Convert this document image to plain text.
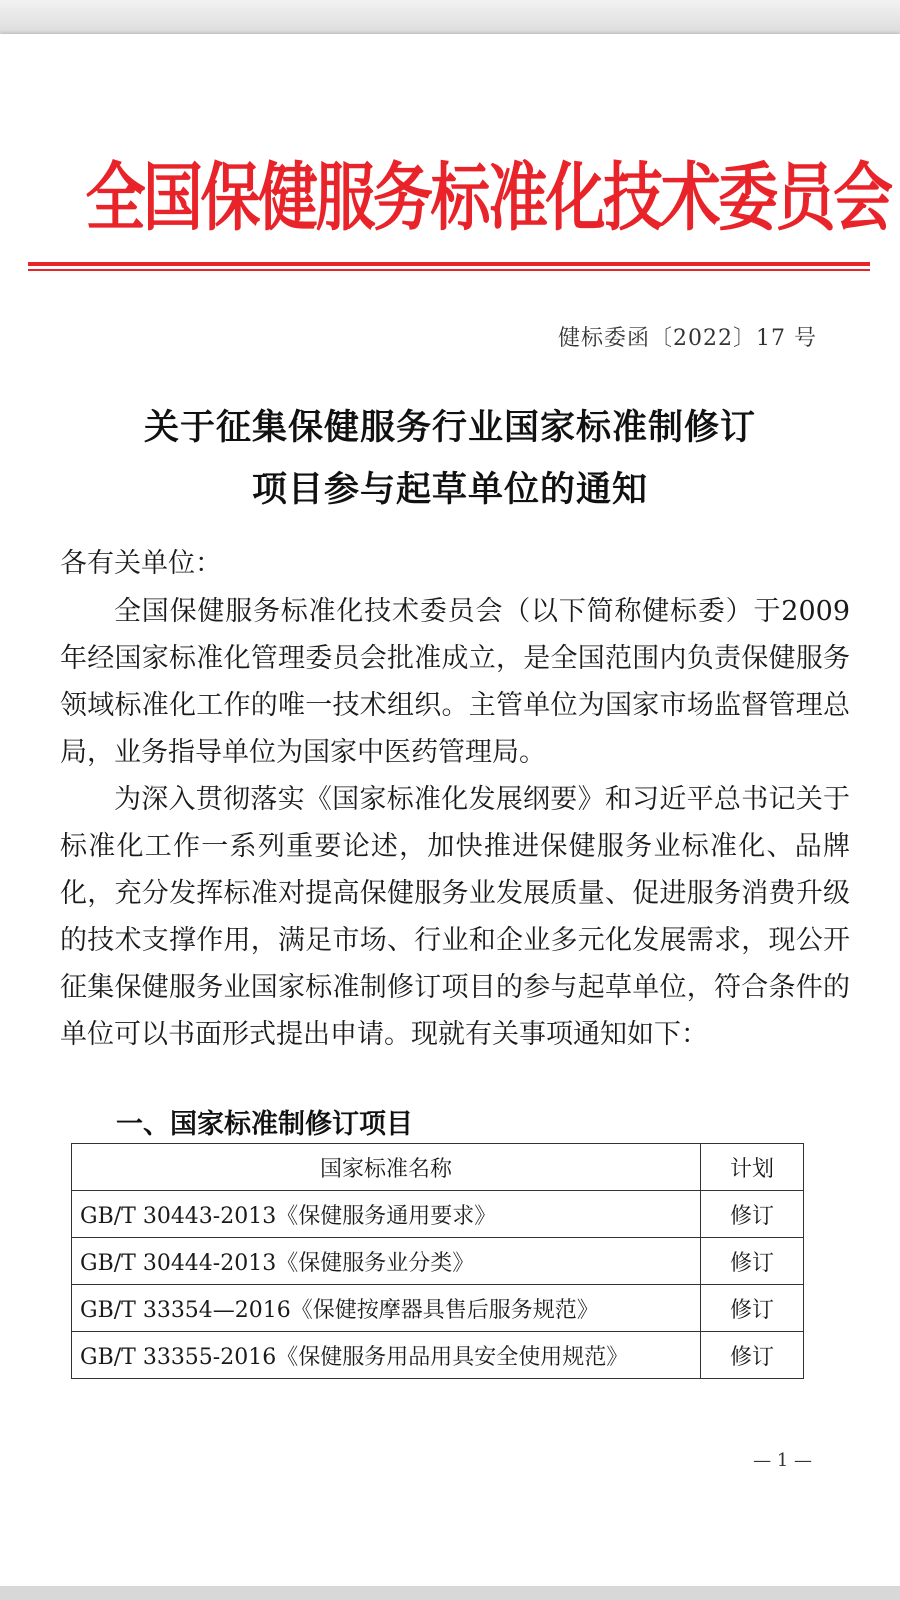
全国保健服务标准化技术委员会
健标委函〔2022〕17 号
关于征集保健服务行业国家标准制修订
项目参与起草单位的通知
各有关单位：
全国保健服务标准化技术委员会（以下简称健标委）于2009 年经国家标准化管理委员会批准成立，是全国范围内负责保健服务领域标准化工作的唯一技术组织。主管单位为国家市场监督管理总局，业务指导单位为国家中医药管理局。
为深入贯彻落实《国家标准化发展纲要》和习近平总书记关于标准化工作一系列重要论述，加快推进保健服务业标准化、品牌化，充分发挥标准对提高保健服务业发展质量、促进服务消费升级的技术支撑作用，满足市场、行业和企业多元化发展需求，现公开征集保健服务业国家标准制修订项目的参与起草单位，符合条件的单位可以书面形式提出申请。现就有关事项通知如下：
一、国家标准制修订项目
国家标准名称	计划
GB/T 30443-2013《保健服务通用要求》	修订
GB/T 30444-2013《保健服务业分类》	修订
GB/T 33354—2016《保健按摩器具售后服务规范》	修订
GB/T 33355-2016《保健服务用品用具安全使用规范》	修订
— 1 —
